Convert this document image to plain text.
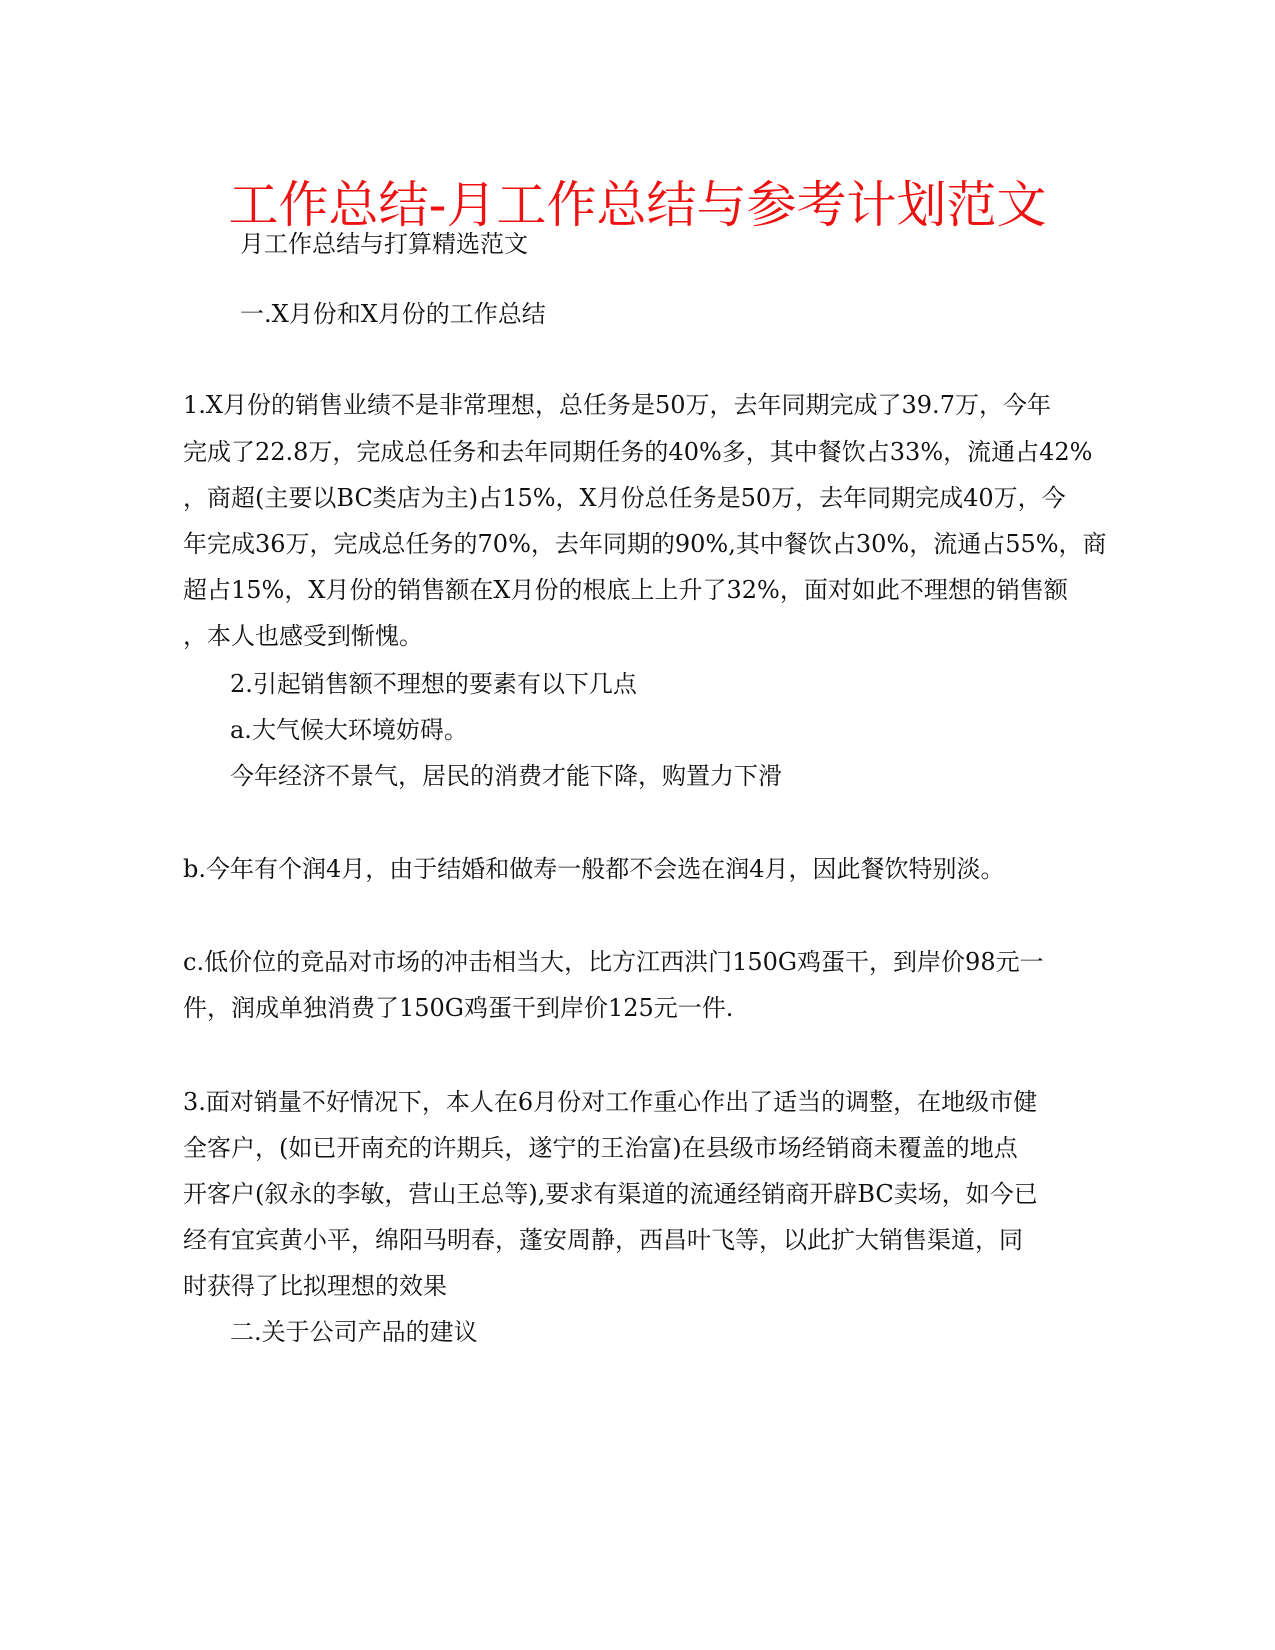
工作总结-月工作总结与参考计划范文
月工作总结与打算精选范文
一.X月份和X月份的工作总结
1.X月份的销售业绩不是非常理想，总任务是50万，去年同期完成了39.7万，今年
完成了22.8万，完成总任务和去年同期任务的40%多，其中餐饮占33%，流通占42%
，商超(主要以BC类店为主)占15%，X月份总任务是50万，去年同期完成40万，今
年完成36万，完成总任务的70%，去年同期的90%,其中餐饮占30%，流通占55%，商
超占15%，X月份的销售额在X月份的根底上上升了32%，面对如此不理想的销售额
，本人也感受到惭愧。
2.引起销售额不理想的要素有以下几点
a.大气候大环境妨碍。
今年经济不景气，居民的消费才能下降，购置力下滑
b.今年有个润4月，由于结婚和做寿一般都不会选在润4月，因此餐饮特别淡。
c.低价位的竞品对市场的冲击相当大，比方江西洪门150G鸡蛋干，到岸价98元一
件，润成单独消费了150G鸡蛋干到岸价125元一件.
3.面对销量不好情况下，本人在6月份对工作重心作出了适当的调整，在地级市健
全客户，(如已开南充的许期兵，遂宁的王治富)在县级市场经销商未覆盖的地点
开客户(叙永的李敏，营山王总等),要求有渠道的流通经销商开辟BC卖场，如今已
经有宜宾黄小平，绵阳马明春，蓬安周静，西昌叶飞等，以此扩大销售渠道，同
时获得了比拟理想的效果
二.关于公司产品的建议
